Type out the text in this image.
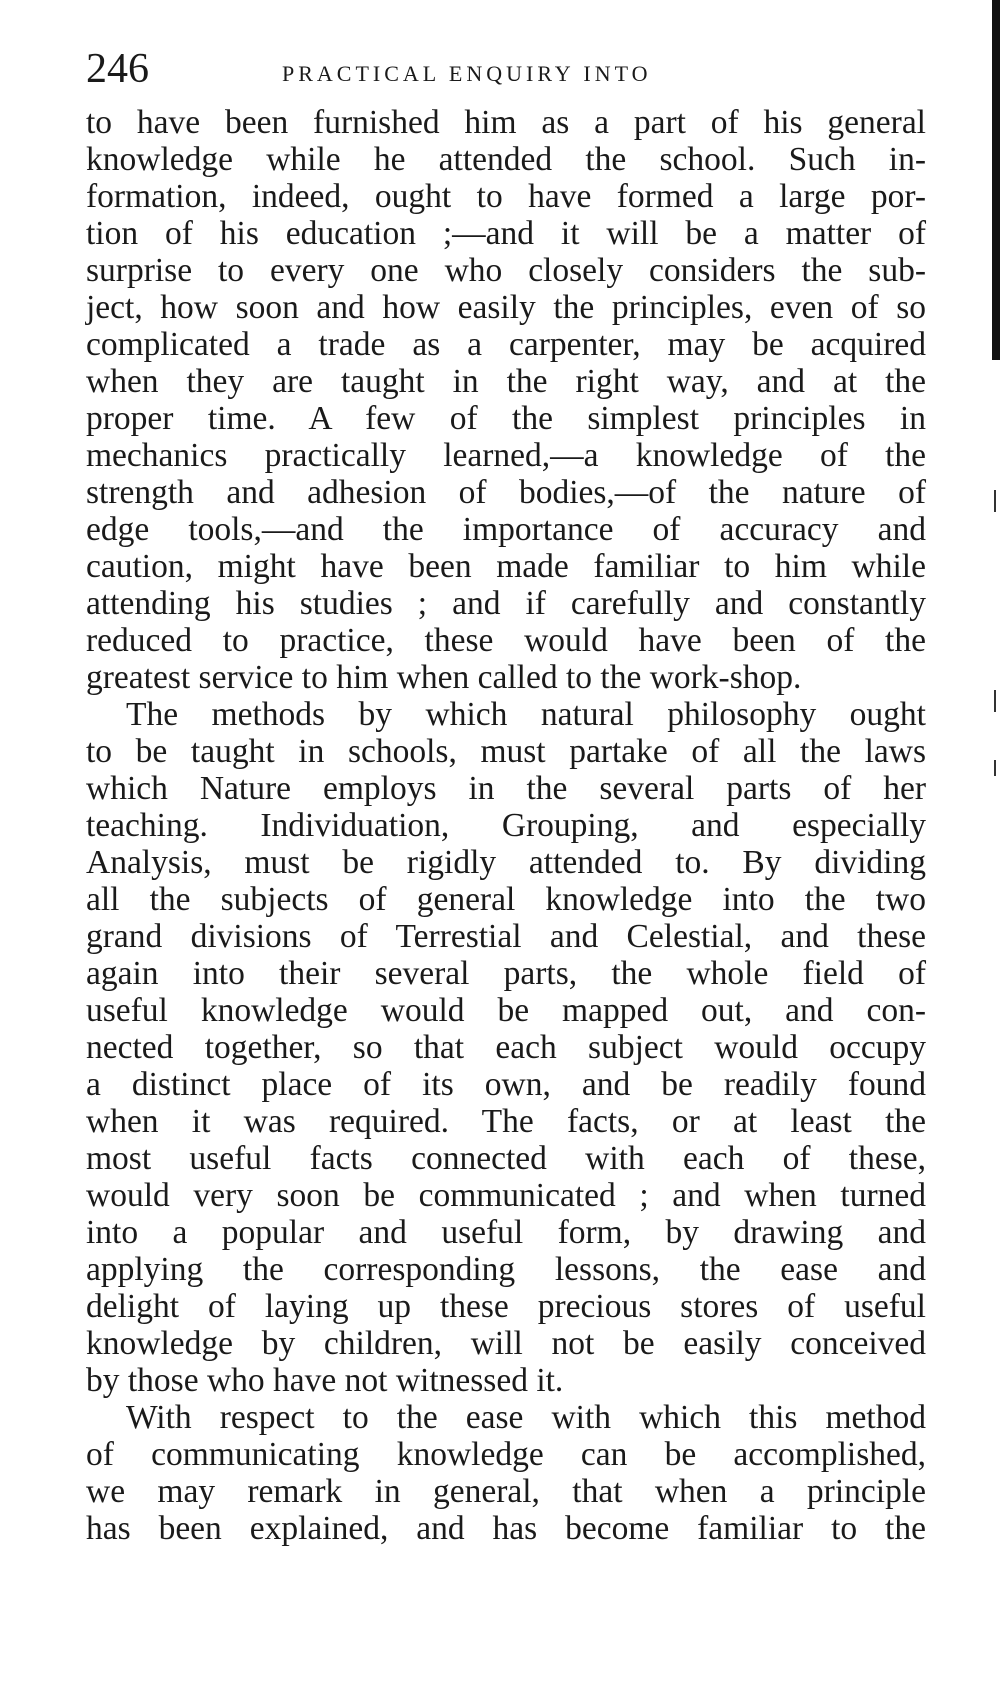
246	PRACTICAL ENQUIRY INTO
to have been furnished him as a part of his general
knowledge while he attended the school. Such in-
formation, indeed, ought to have formed a large por-
tion of his education ;—and it will be a matter of
surprise to every one who closely considers the sub-
ject, how soon and how easily the principles, even of so
complicated a trade as a carpenter, may be acquired
when they are taught in the right way, and at the
proper time. A few of the simplest principles in
mechanics practically learned,—a knowledge of the
strength and adhesion of bodies,—of the nature of
edge tools,—and the importance of accuracy and
caution, might have been made familiar to him while
attending his studies ; and if carefully and constantly
reduced to practice, these would have been of the
greatest service to him when called to the work-shop.
The methods by which natural philosophy ought
to be taught in schools, must partake of all the laws
which Nature employs in the several parts of her
teaching. Individuation, Grouping, and especially
Analysis, must be rigidly attended to. By dividing
all the subjects of general knowledge into the two
grand divisions of Terrestial and Celestial, and these
again into their several parts, the whole field of
useful knowledge would be mapped out, and con-
nected together, so that each subject would occupy
a distinct place of its own, and be readily found
when it was required. The facts, or at least the
most useful facts connected with each of these,
would very soon be communicated ; and when turned
into a popular and useful form, by drawing and
applying the corresponding lessons, the ease and
delight of laying up these precious stores of useful
knowledge by children, will not be easily conceived
by those who have not witnessed it.
With respect to the ease with which this method
of communicating knowledge can be accomplished,
we may remark in general, that when a principle
has been explained, and has become familiar to the
